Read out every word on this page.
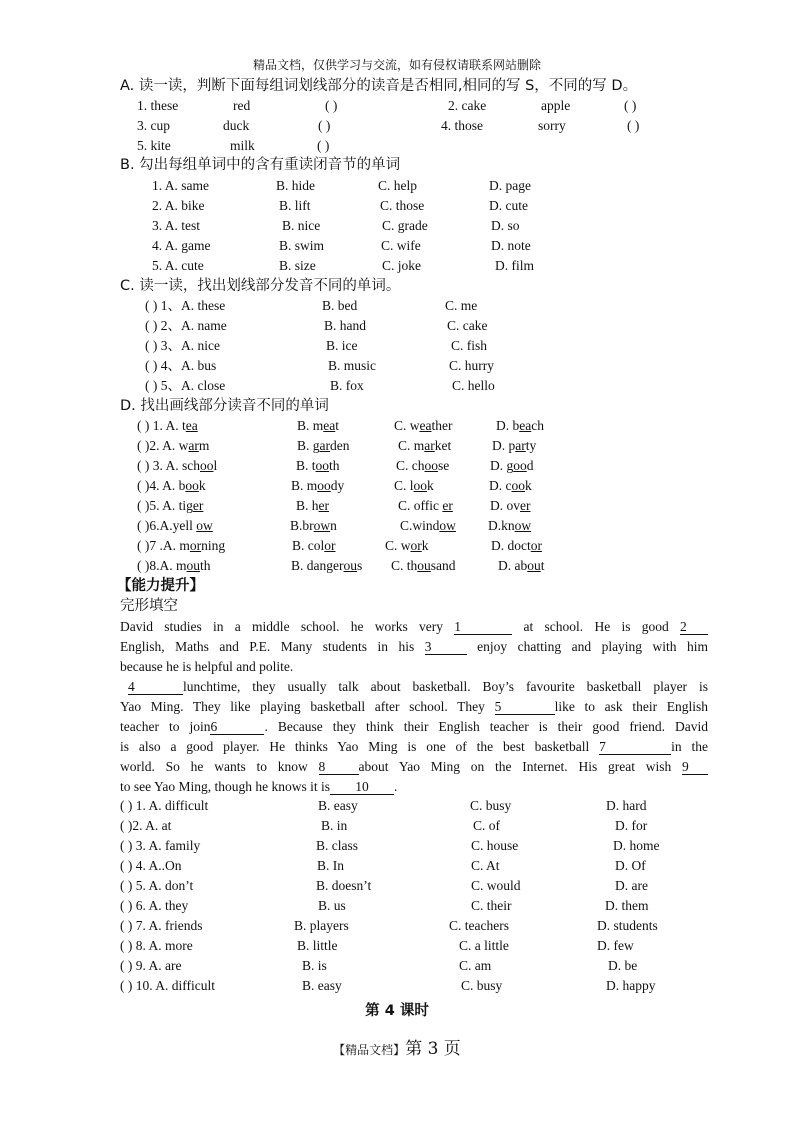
精品文档，仅供学习与交流，如有侵权请联系网站删除
A. 读一读，判断下面每组词划线部分的读音是否相同,相同的写 S，不同的写 D。
1. these	red	( )	2. cake	apple	( )
3. cup	duck	( )	4. those	sorry	( )
5. kite	milk	( )
B. 勾出每组单词中的含有重读闭音节的单词
1. A. same	B. hide	C. help	D. page
2. A. bike	B. lift	C. those	D. cute
3. A. test	B. nice	C. grade	D. so
4. A. game	B. swim	C. wife	D. note
5. A. cute	B. size	C. joke	D. film
C. 读一读，找出划线部分发音不同的单词。
( ) 1、A. these	B. bed	C. me
( ) 2、A. name	B. hand	C. cake
( ) 3、A. nice	B. ice	C. fish
( ) 4、A. bus	B. music	C. hurry
( ) 5、A. close	B. fox	C. hello
D. 找出画线部分读音不同的单词
( ) 1. A. tea	B. meat	C. weather	D. beach
( )2. A. warm	B. garden	C. market	D. party
( ) 3. A. school	B. tooth	C. choose	D. good
( )4. A. book	B. moody	C. look	D. cook
( )5. A. tiger	B. her	C. offic er	D. over
( )6.A.yell ow	B.brown	C.window D.know
( )7 .A. morning	B. color	C. work	D. doctor
( )8.A. mouth	B. dangerous C. thousand	D. about
【能力提升】
完形填空
David studies in a middle school. he works very 1	at school. He is good 2
English, Maths and P.E. Many students in his 3	enjoy chatting and playing with him
because he is helpful and polite.
4	lunchtime, they usually talk about basketball. Boy’s favourite basketball player is
Yao Ming. They like playing basketball after school. They 5	like to ask their English
teacher to join6	. Because they think their English teacher is their good friend. David
is also a good player. He thinks Yao Ming is one of the best basketball 7	in the
world. So he wants to know 8 about Yao Ming on the Internet. His great wish 9
to see Yao Ming, though he knows it is 10 .
( ) 1. A. difficult	B. easy	C. busy	D. hard
( )2. A. at	B. in	C. of	D. for
( ) 3. A. family	B. class	C. house	D. home
( ) 4. A..On	B. In	C. At	D. Of
( ) 5. A. don’t	B. doesn’t	C. would	D. are
( ) 6. A. they	B. us	C. their	D. them
( ) 7. A. friends	B. players	C. teachers	D. students
( ) 8. A. more	B. little	C. a little	D. few
( ) 9. A. are	B. is	C. am	D. be
( ) 10. A. difficult	B. easy	C. busy	D. happy
第 4 课时
【精品文档】第 3 页
